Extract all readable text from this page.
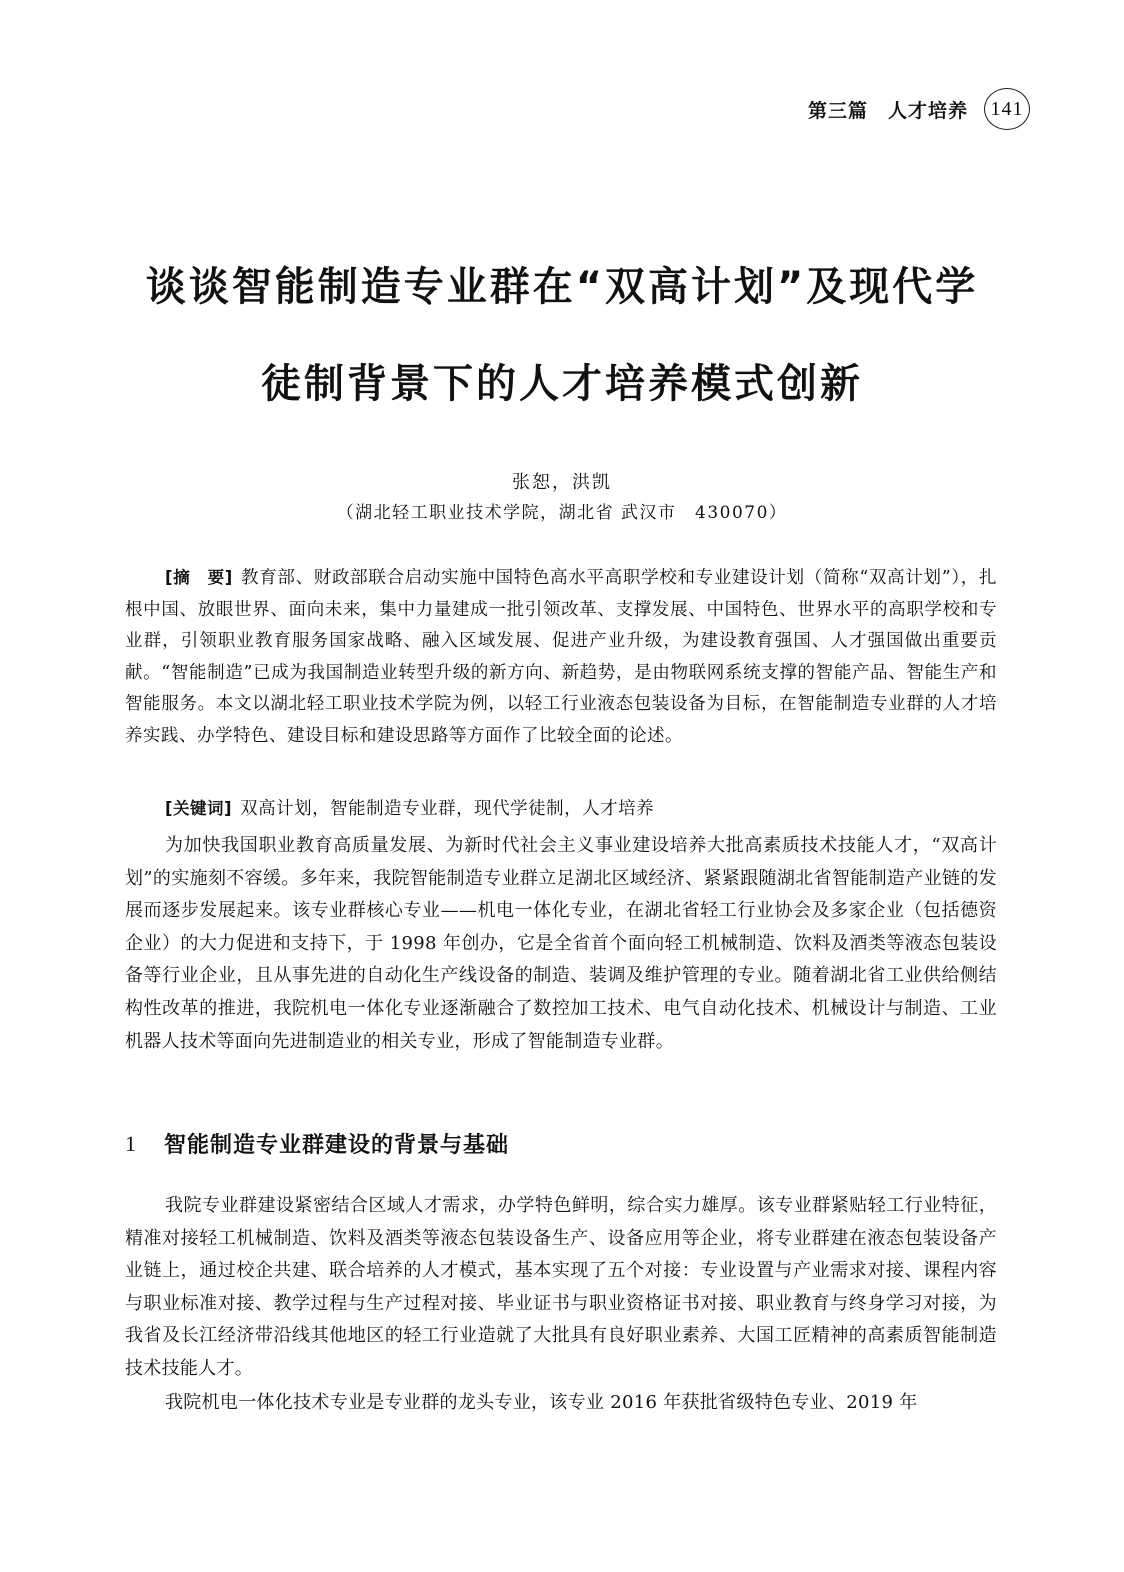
第三篇　人才培养	141
谈谈智能制造专业群在“双高计划”及现代学
徒制背景下的人才培养模式创新
张恕，洪凯
（湖北轻工职业技术学院，湖北省 武汉市　430070）

[摘　要] 教育部、财政部联合启动实施中国特色高水平高职学校和专业建设计划（简称“双高计划”），扎根中国、放眼世界、面向未来，集中力量建成一批引领改革、支撑发展、中国特色、世界水平的高职学校和专业群，引领职业教育服务国家战略、融入区域发展、促进产业升级，为建设教育强国、人才强国做出重要贡献。“智能制造”已成为我国制造业转型升级的新方向、新趋势，是由物联网系统支撑的智能产品、智能生产和智能服务。本文以湖北轻工职业技术学院为例，以轻工行业液态包装设备为目标，在智能制造专业群的人才培养实践、办学特色、建设目标和建设思路等方面作了比较全面的论述。

[关键词] 双高计划，智能制造专业群，现代学徒制，人才培养

为加快我国职业教育高质量发展、为新时代社会主义事业建设培养大批高素质技术技能人才，“双高计划”的实施刻不容缓。多年来，我院智能制造专业群立足湖北区域经济、紧紧跟随湖北省智能制造产业链的发展而逐步发展起来。该专业群核心专业——机电一体化专业，在湖北省轻工行业协会及多家企业（包括德资企业）的大力促进和支持下，于 1998 年创办，它是全省首个面向轻工机械制造、饮料及酒类等液态包装设备等行业企业，且从事先进的自动化生产线设备的制造、装调及维护管理的专业。随着湖北省工业供给侧结构性改革的推进，我院机电一体化专业逐渐融合了数控加工技术、电气自动化技术、机械设计与制造、工业机器人技术等面向先进制造业的相关专业，形成了智能制造专业群。

1 智能制造专业群建设的背景与基础

我院专业群建设紧密结合区域人才需求，办学特色鲜明，综合实力雄厚。该专业群紧贴轻工行业特征，精准对接轻工机械制造、饮料及酒类等液态包装设备生产、设备应用等企业，将专业群建在液态包装设备产业链上，通过校企共建、联合培养的人才模式，基本实现了五个对接：专业设置与产业需求对接、课程内容与职业标准对接、教学过程与生产过程对接、毕业证书与职业资格证书对接、职业教育与终身学习对接，为我省及长江经济带沿线其他地区的轻工行业造就了大批具有良好职业素养、大国工匠精神的高素质智能制造技术技能人才。

我院机电一体化技术专业是专业群的龙头专业，该专业 2016 年获批省级特色专业、2019 年
